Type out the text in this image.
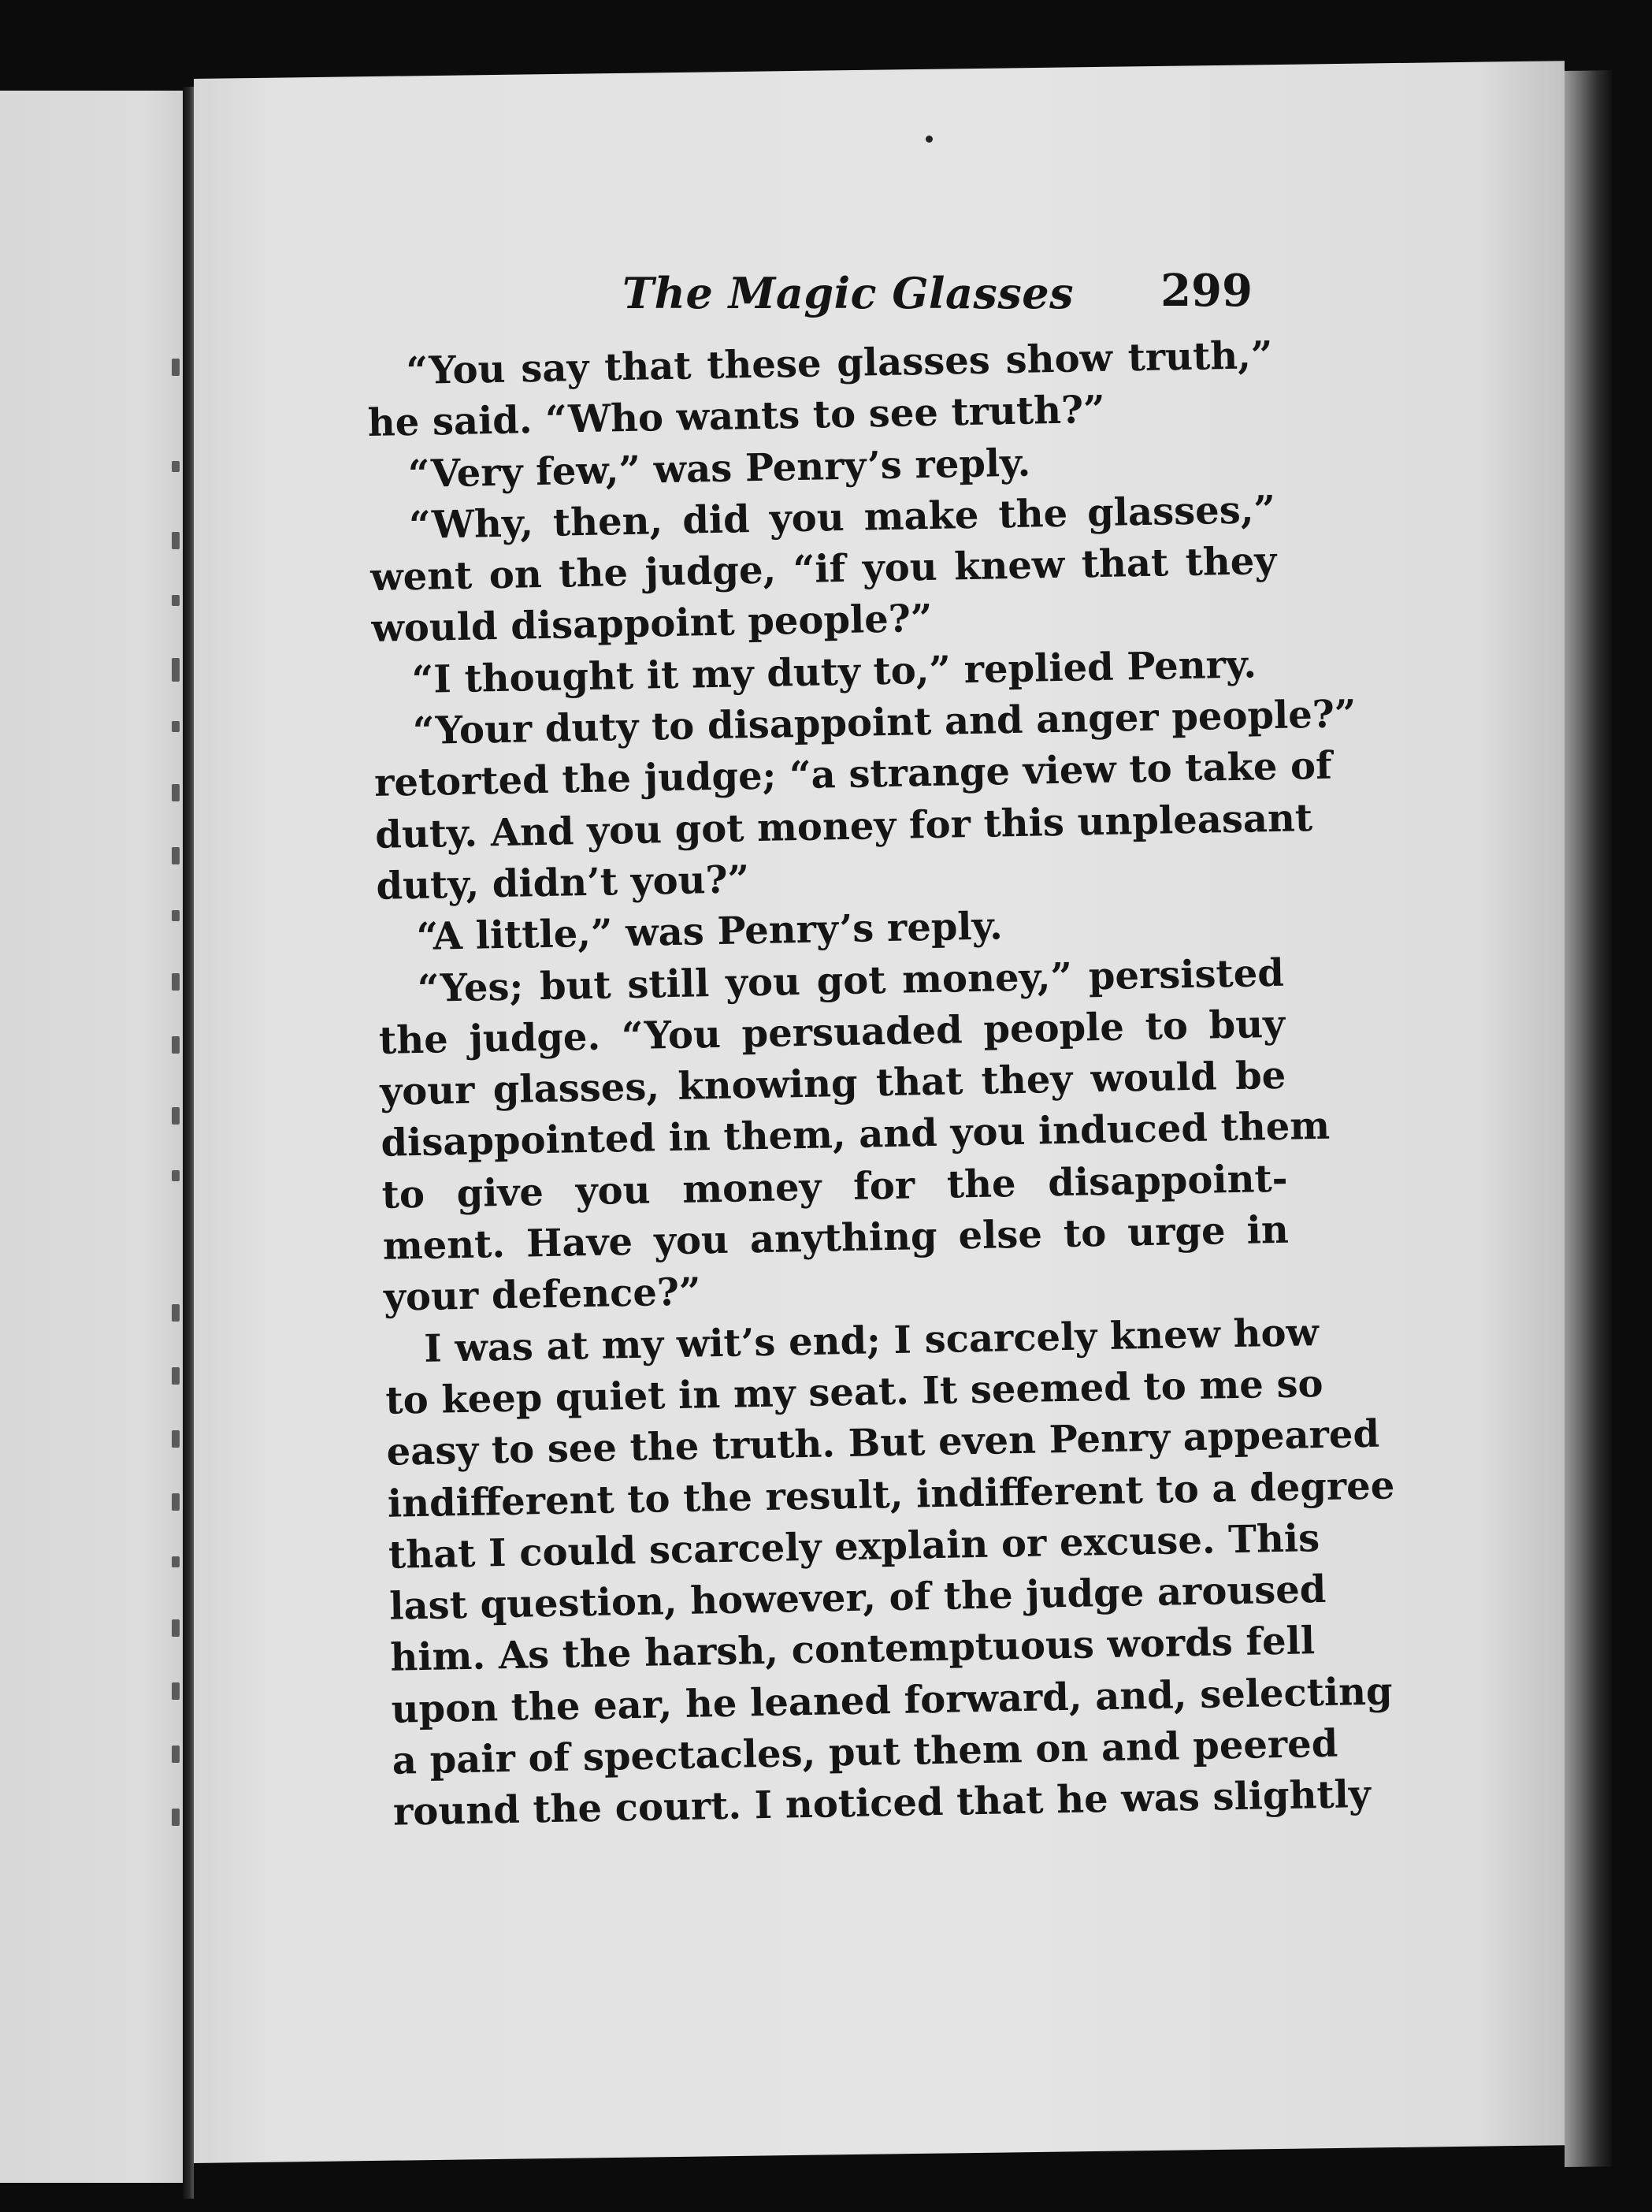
The Magic Glasses 299
“You say that these glasses show truth,”
he said. “Who wants to see truth?”
“Very few,” was Penry’s reply.
“Why, then, did you make the glasses,”
went on the judge, “if you knew that they
would disappoint people?”
“I thought it my duty to,” replied Penry.
“Your duty to disappoint and anger people?”
retorted the judge; “a strange view to take of
duty. And you got money for this unpleasant
duty, didn’t you?”
“A little,” was Penry’s reply.
“Yes; but still you got money,” persisted
the judge. “You persuaded people to buy
your glasses, knowing that they would be
disappointed in them, and you induced them
to give you money for the disappoint-
ment. Have you anything else to urge in
your defence?”
I was at my wit’s end; I scarcely knew how
to keep quiet in my seat. It seemed to me so
easy to see the truth. But even Penry appeared
indifferent to the result, indifferent to a degree
that I could scarcely explain or excuse. This
last question, however, of the judge aroused
him. As the harsh, contemptuous words fell
upon the ear, he leaned forward, and, selecting
a pair of spectacles, put them on and peered
round the court. I noticed that he was slightly
